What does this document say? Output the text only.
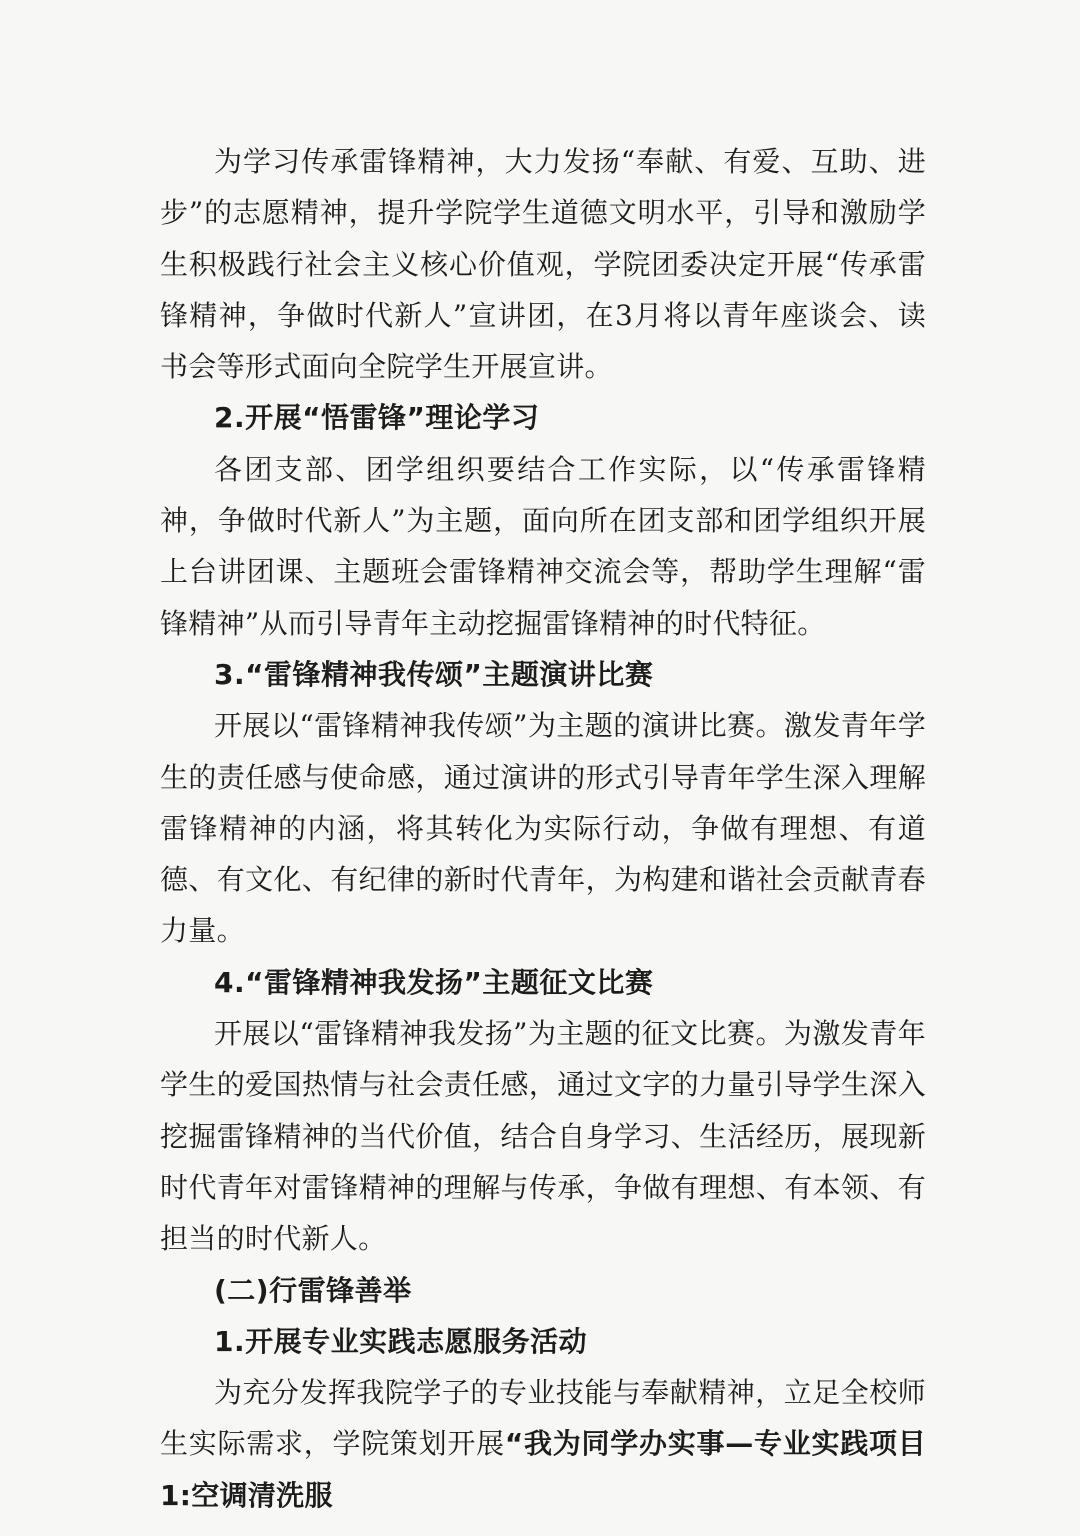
为学习传承雷锋精神，大力发扬“奉献、有爱、互助、进步”的志愿精神，提升学院学生道德文明水平，引导和激励学生积极践行社会主义核心价值观，学院团委决定开展“传承雷锋精神，争做时代新人”宣讲团，在3月将以青年座谈会、读书会等形式面向全院学生开展宣讲。

2.开展“悟雷锋”理论学习

各团支部、团学组织要结合工作实际，以“传承雷锋精神，争做时代新人”为主题，面向所在团支部和团学组织开展上台讲团课、主题班会雷锋精神交流会等，帮助学生理解“雷锋精神”从而引导青年主动挖掘雷锋精神的时代特征。

3.“雷锋精神我传颂”主题演讲比赛

开展以“雷锋精神我传颂”为主题的演讲比赛。激发青年学生的责任感与使命感，通过演讲的形式引导青年学生深入理解雷锋精神的内涵，将其转化为实际行动，争做有理想、有道德、有文化、有纪律的新时代青年，为构建和谐社会贡献青春力量。

4.“雷锋精神我发扬”主题征文比赛

开展以“雷锋精神我发扬”为主题的征文比赛。为激发青年学生的爱国热情与社会责任感，通过文字的力量引导学生深入挖掘雷锋精神的当代价值，结合自身学习、生活经历，展现新时代青年对雷锋精神的理解与传承，争做有理想、有本领、有担当的时代新人。

(二)行雷锋善举

1.开展专业实践志愿服务活动

为充分发挥我院学子的专业技能与奉献精神，立足全校师生实际需求，学院策划开展“我为同学办实事—专业实践项目1:空调清洗服
